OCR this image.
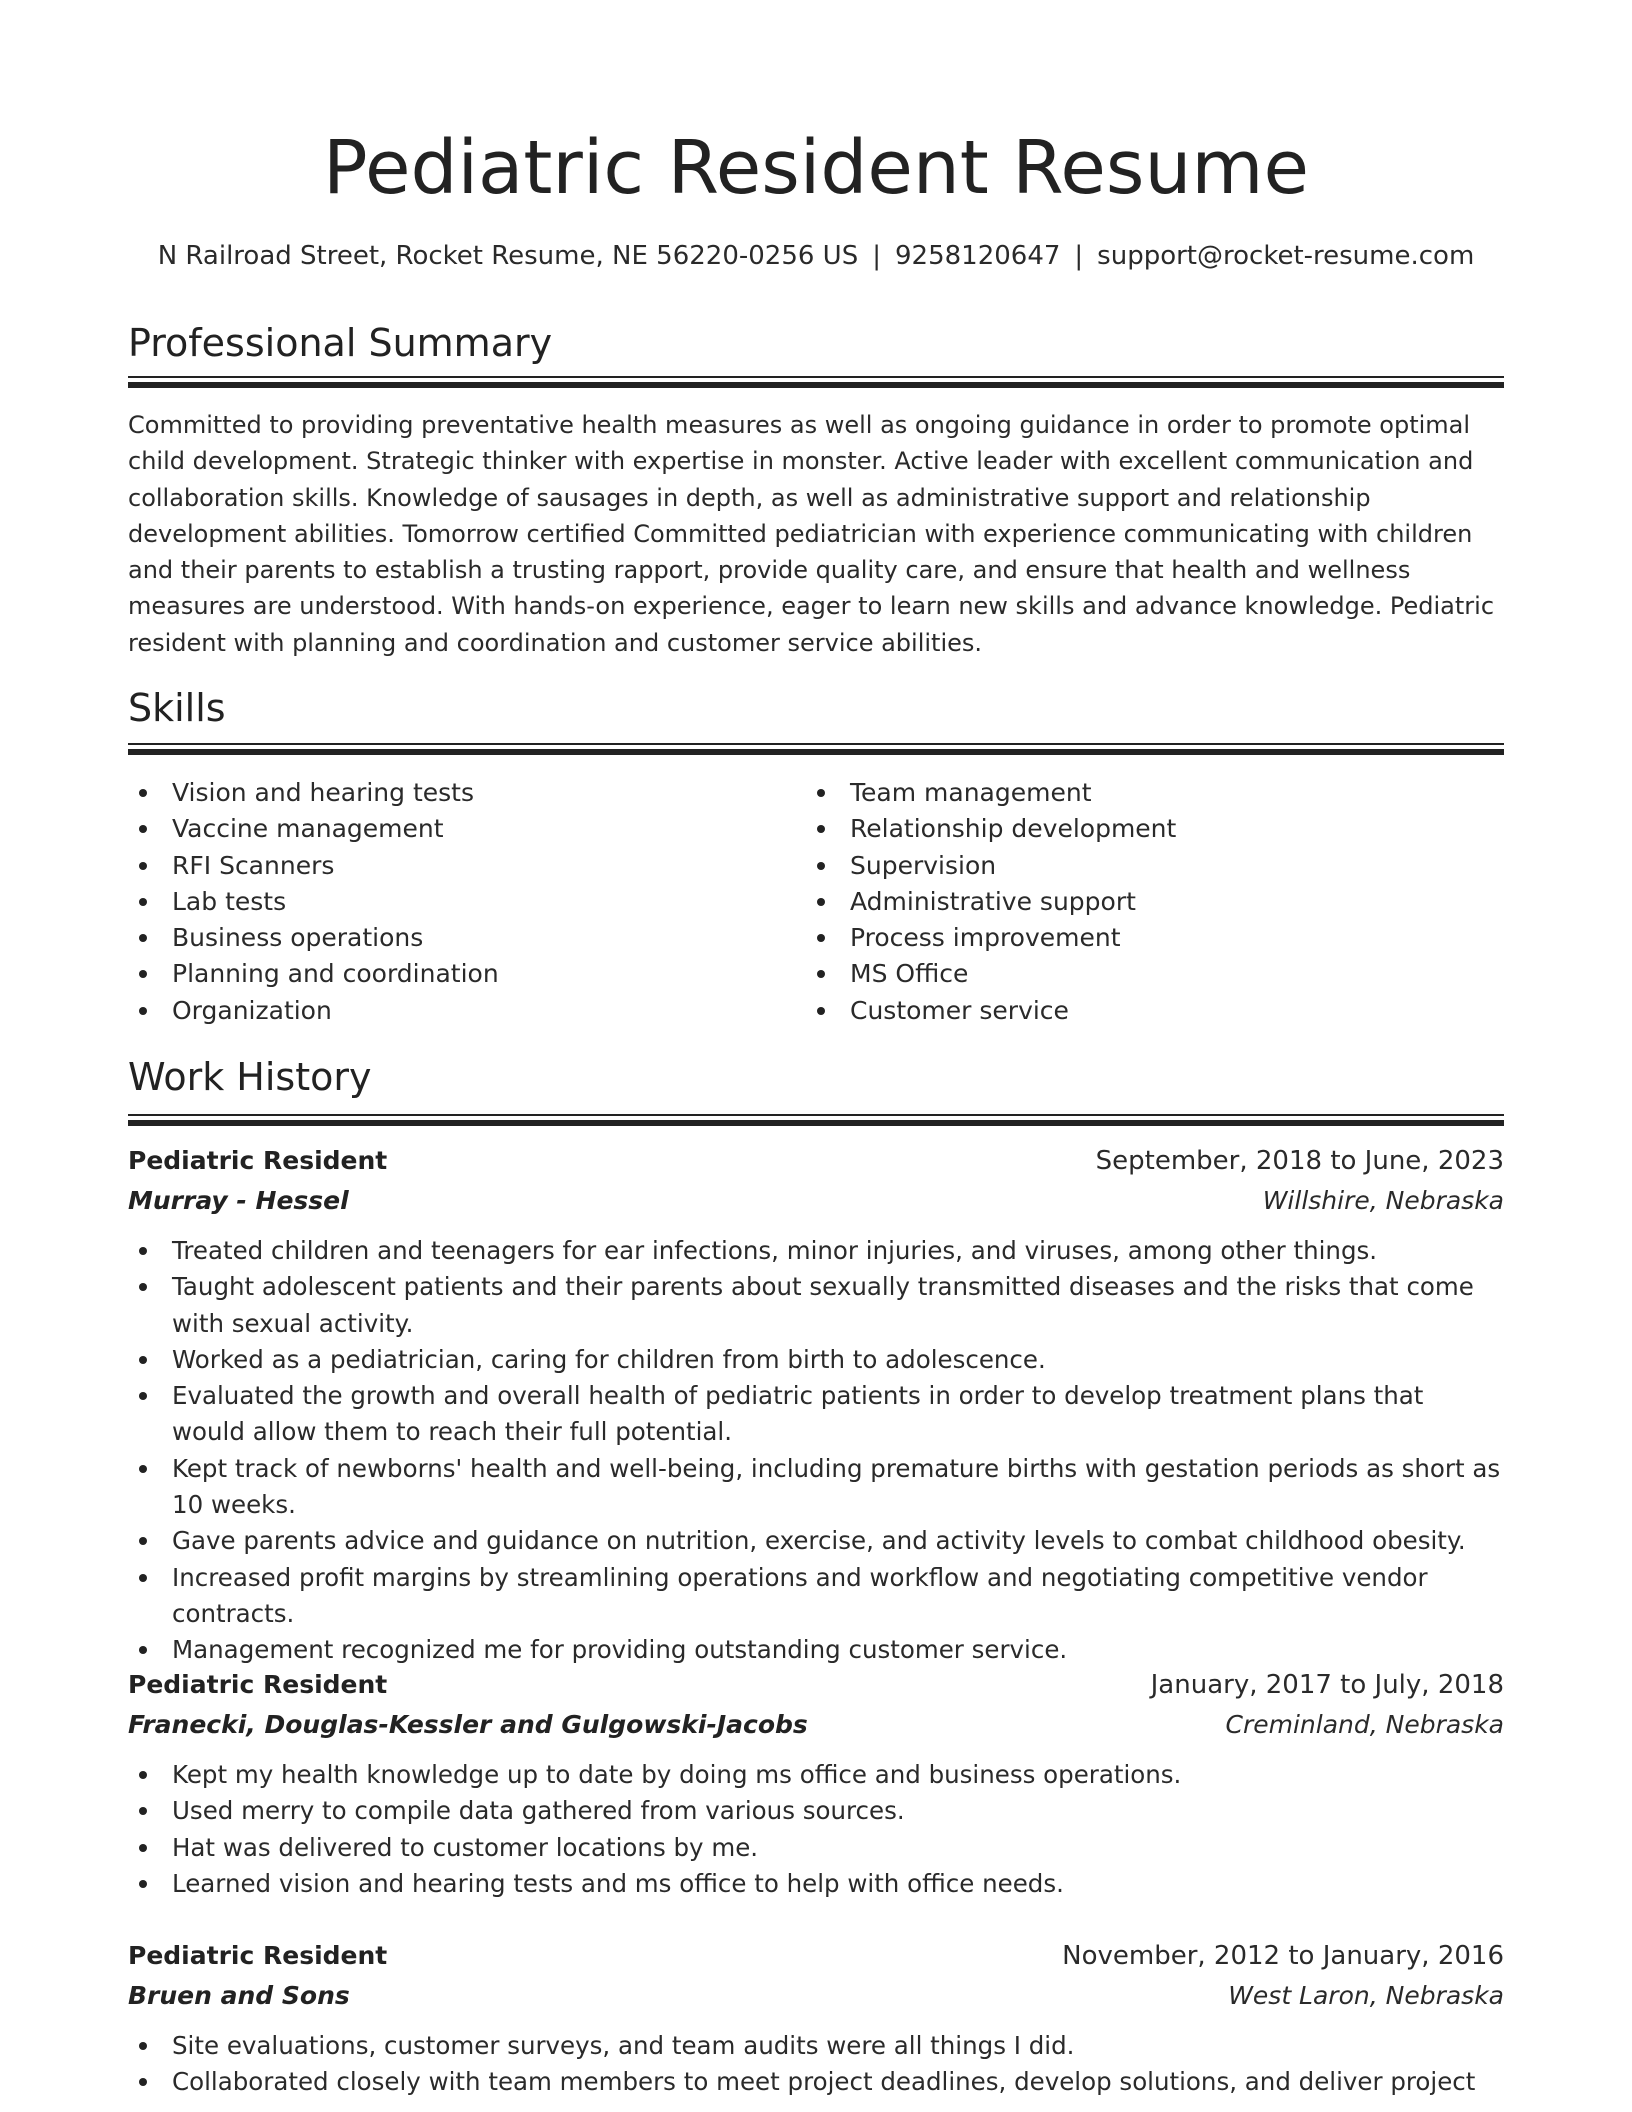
Pediatric Resident Resume
N Railroad Street, Rocket Resume, NE 56220-0256 US | 9258120647 | support@rocket-resume.com
Professional Summary

Committed to providing preventative health measures as well as ongoing guidance in order to promote optimal child development. Strategic thinker with expertise in monster. Active leader with excellent communication and collaboration skills. Knowledge of sausages in depth, as well as administrative support and relationship development abilities. Tomorrow certified Committed pediatrician with experience communicating with children and their parents to establish a trusting rapport, provide quality care, and ensure that health and wellness measures are understood. With hands-on experience, eager to learn new skills and advance knowledge. Pediatric resident with planning and coordination and customer service abilities.

Skills
Vision and hearing tests
Vaccine management
RFI Scanners
Lab tests
Business operations
Planning and coordination
Organization
Team management
Relationship development
Supervision
Administrative support
Process improvement
MS Office
Customer service
Work History
Pediatric Resident	September, 2018 to June, 2023
Murray - Hessel	Willshire, Nebraska
Treated children and teenagers for ear infections, minor injuries, and viruses, among other things.
Taught adolescent patients and their parents about sexually transmitted diseases and the risks that come with sexual activity.
Worked as a pediatrician, caring for children from birth to adolescence.
Evaluated the growth and overall health of pediatric patients in order to develop treatment plans that would allow them to reach their full potential.
Kept track of newborns' health and well-being, including premature births with gestation periods as short as 10 weeks.
Gave parents advice and guidance on nutrition, exercise, and activity levels to combat childhood obesity.
Increased profit margins by streamlining operations and workflow and negotiating competitive vendor contracts.
Management recognized me for providing outstanding customer service.
Pediatric Resident	January, 2017 to July, 2018
Franecki, Douglas-Kessler and Gulgowski-Jacobs	Creminland, Nebraska
Kept my health knowledge up to date by doing ms office and business operations.
Used merry to compile data gathered from various sources.
Hat was delivered to customer locations by me.
Learned vision and hearing tests and ms office to help with office needs.
Pediatric Resident	November, 2012 to January, 2016
Bruen and Sons	West Laron, Nebraska
Site evaluations, customer surveys, and team audits were all things I did.
Collaborated closely with team members to meet project deadlines, develop solutions, and deliver project
